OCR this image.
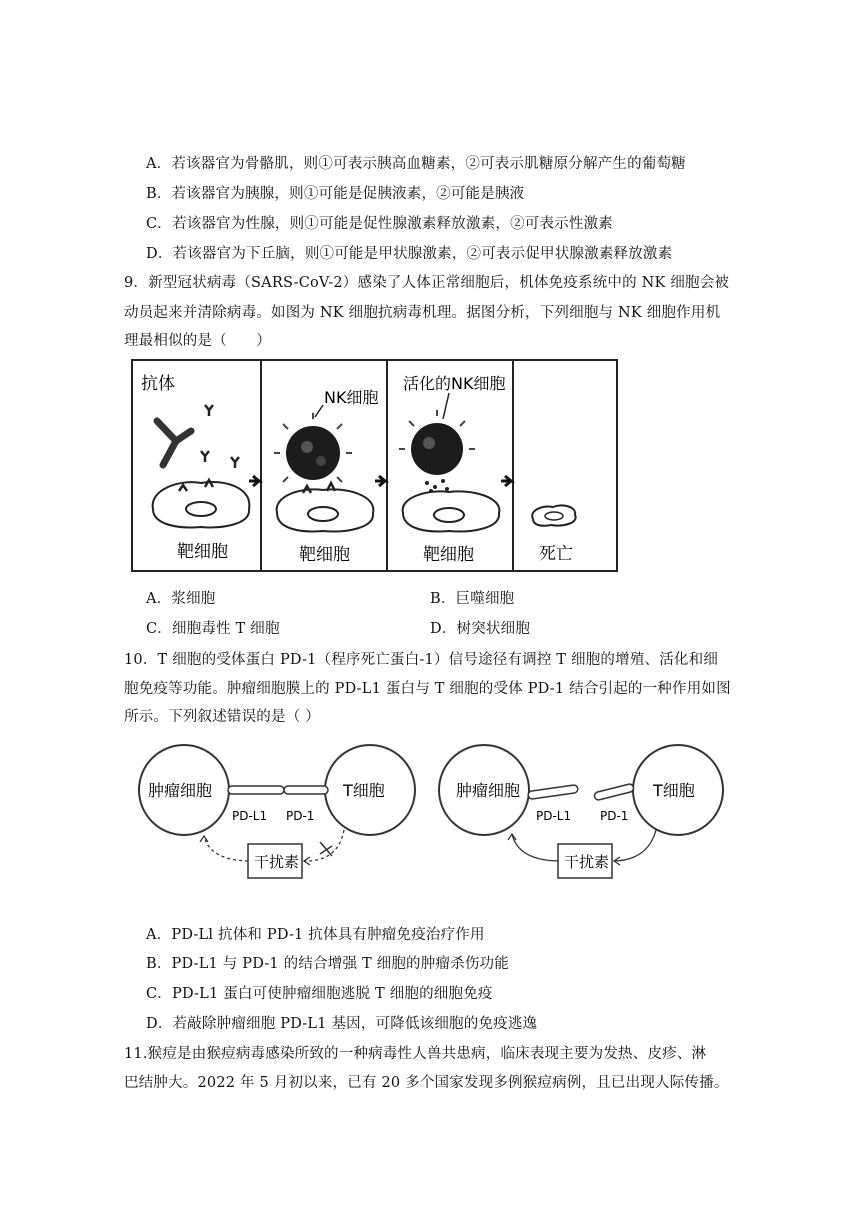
A．若该器官为骨骼肌，则①可表示胰高血糖素，②可表示肌糖原分解产生的葡萄糖
B．若该器官为胰腺，则①可能是促胰液素，②可能是胰液
C．若该器官为性腺，则①可能是促性腺激素释放激素，②可表示性激素
D．若该器官为下丘脑，则①可能是甲状腺激素，②可表示促甲状腺激素释放激素
9．新型冠状病毒（SARS-CoV-2）感染了人体正常细胞后，机体免疫系统中的 NK 细胞会被
动员起来并清除病毒。如图为 NK 细胞抗病毒机理。据图分析，下列细胞与 NK 细胞作用机
理最相似的是（　　）
抗体
靶细胞
NK细胞
靶细胞
活化的NK细胞
靶细胞	死亡
A．浆细胞	B．巨噬细胞
C．细胞毒性 T 细胞	D．树突状细胞
10．T 细胞的受体蛋白 PD-1（程序死亡蛋白-1）信号途径有调控 T 细胞的增殖、活化和细
胞免疫等功能。肿瘤细胞膜上的 PD-L1 蛋白与 T 细胞的受体 PD-1 结合引起的一种作用如图
所示。下列叙述错误的是（ ）
肿瘤细胞	T细胞
PD-L1 PD-1
干扰素
肿瘤细胞	T细胞
PD-L1 PD-1
干扰素
A．PD-Ll 抗体和 PD-1 抗体具有肿瘤免疫治疗作用
B．PD-L1 与 PD-1 的结合增强 T 细胞的肿瘤杀伤功能
C．PD-L1 蛋白可使肿瘤细胞逃脱 T 细胞的细胞免疫
D．若敲除肿瘤细胞 PD-L1 基因，可降低该细胞的免疫逃逸
11.猴痘是由猴痘病毒感染所致的一种病毒性人兽共患病，临床表现主要为发热、皮疹、淋
巴结肿大。2022 年 5 月初以来，已有 20 多个国家发现多例猴痘病例，且已出现人际传播。
